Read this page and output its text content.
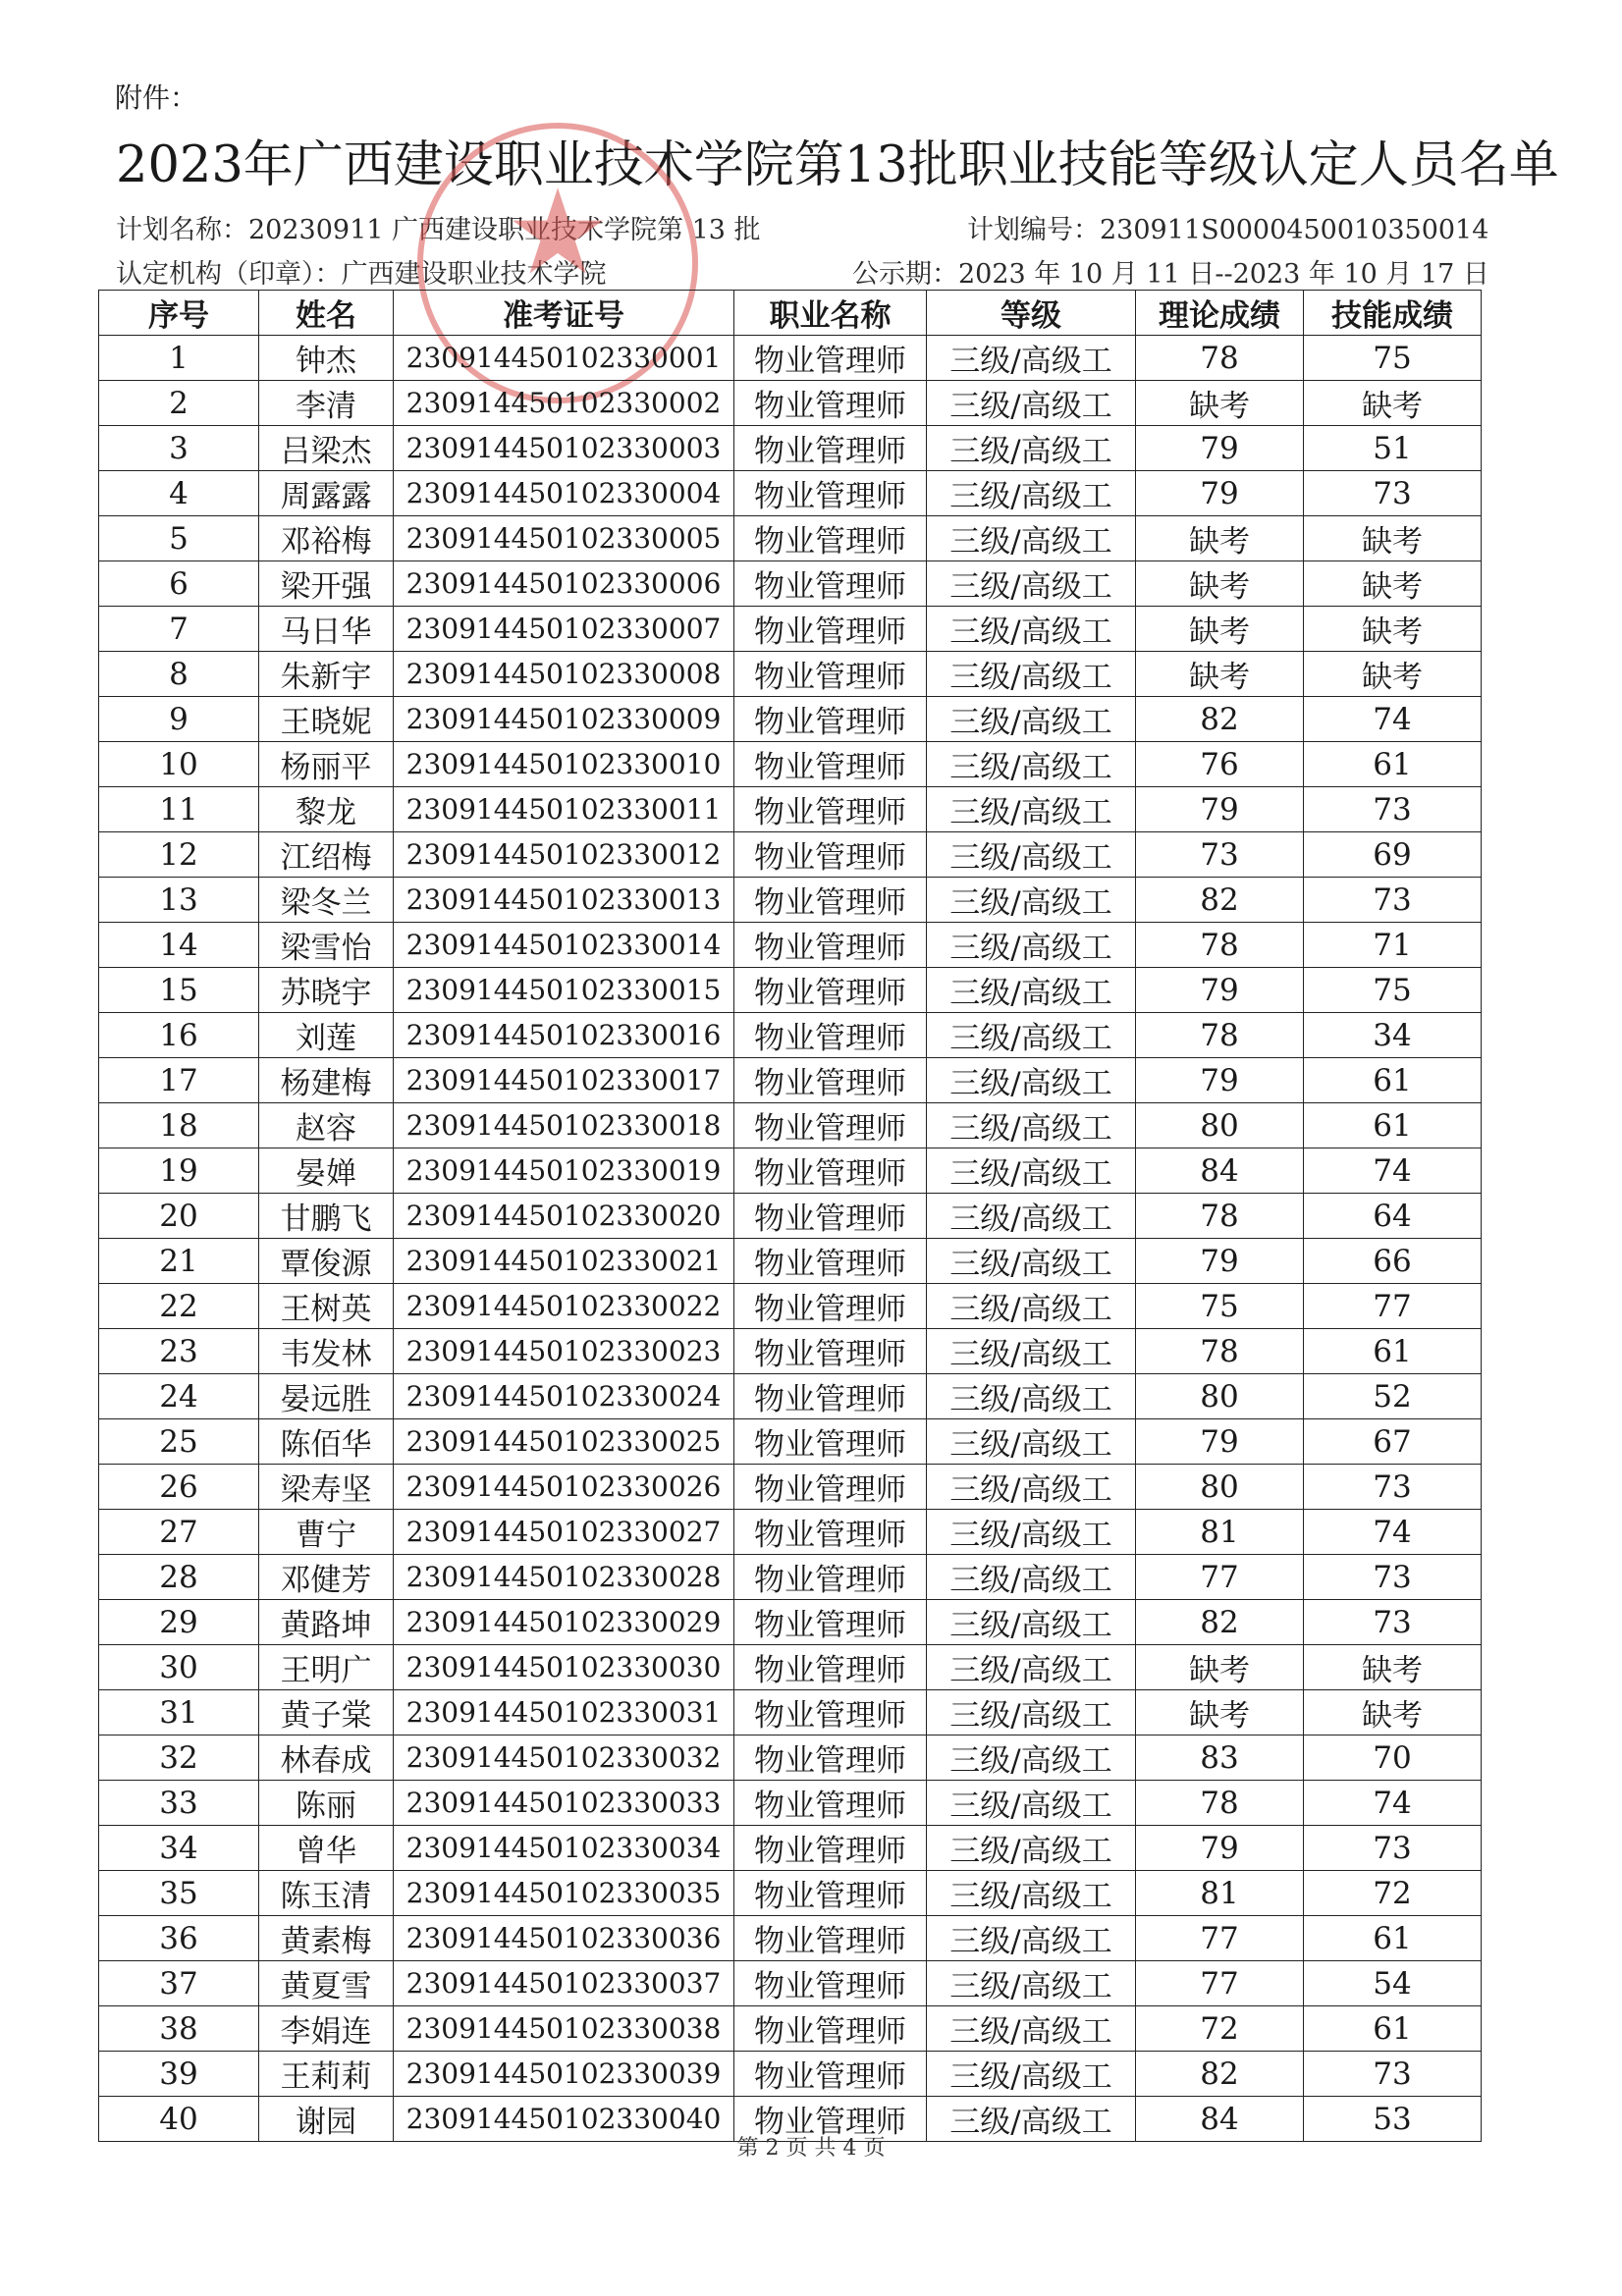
附件：
2023年广西建设职业技术学院第13批职业技能等级认定人员名单
计划名称：20230911 广西建设职业技术学院第 13 批	计划编号：230911S0000450010350014
认定机构（印章）：广西建设职业技术学院	公示期：2023 年 10 月 11 日--2023 年 10 月 17 日
★
序号	姓名	准考证号	职业名称	等级	理论成绩	技能成绩
1	钟杰	230914450102330001	物业管理师	三级/高级工	78	75
2	李清	230914450102330002	物业管理师	三级/高级工	缺考	缺考
3	吕梁杰	230914450102330003	物业管理师	三级/高级工	79	51
4	周露露	230914450102330004	物业管理师	三级/高级工	79	73
5	邓裕梅	230914450102330005	物业管理师	三级/高级工	缺考	缺考
6	梁开强	230914450102330006	物业管理师	三级/高级工	缺考	缺考
7	马日华	230914450102330007	物业管理师	三级/高级工	缺考	缺考
8	朱新宇	230914450102330008	物业管理师	三级/高级工	缺考	缺考
9	王晓妮	230914450102330009	物业管理师	三级/高级工	82	74
10	杨丽平	230914450102330010	物业管理师	三级/高级工	76	61
11	黎龙	230914450102330011	物业管理师	三级/高级工	79	73
12	江绍梅	230914450102330012	物业管理师	三级/高级工	73	69
13	梁冬兰	230914450102330013	物业管理师	三级/高级工	82	73
14	梁雪怡	230914450102330014	物业管理师	三级/高级工	78	71
15	苏晓宇	230914450102330015	物业管理师	三级/高级工	79	75
16	刘莲	230914450102330016	物业管理师	三级/高级工	78	34
17	杨建梅	230914450102330017	物业管理师	三级/高级工	79	61
18	赵容	230914450102330018	物业管理师	三级/高级工	80	61
19	晏婵	230914450102330019	物业管理师	三级/高级工	84	74
20	甘鹏飞	230914450102330020	物业管理师	三级/高级工	78	64
21	覃俊源	230914450102330021	物业管理师	三级/高级工	79	66
22	王树英	230914450102330022	物业管理师	三级/高级工	75	77
23	韦发林	230914450102330023	物业管理师	三级/高级工	78	61
24	晏远胜	230914450102330024	物业管理师	三级/高级工	80	52
25	陈佰华	230914450102330025	物业管理师	三级/高级工	79	67
26	梁寿坚	230914450102330026	物业管理师	三级/高级工	80	73
27	曹宁	230914450102330027	物业管理师	三级/高级工	81	74
28	邓健芳	230914450102330028	物业管理师	三级/高级工	77	73
29	黄路坤	230914450102330029	物业管理师	三级/高级工	82	73
30	王明广	230914450102330030	物业管理师	三级/高级工	缺考	缺考
31	黄子棠	230914450102330031	物业管理师	三级/高级工	缺考	缺考
32	林春成	230914450102330032	物业管理师	三级/高级工	83	70
33	陈丽	230914450102330033	物业管理师	三级/高级工	78	74
34	曾华	230914450102330034	物业管理师	三级/高级工	79	73
35	陈玉清	230914450102330035	物业管理师	三级/高级工	81	72
36	黄素梅	230914450102330036	物业管理师	三级/高级工	77	61
37	黄夏雪	230914450102330037	物业管理师	三级/高级工	77	54
38	李娟连	230914450102330038	物业管理师	三级/高级工	72	61
39	王莉莉	230914450102330039	物业管理师	三级/高级工	82	73
40	谢园	230914450102330040	物业管理师	三级/高级工	84	53
第 2 页 共 4 页
